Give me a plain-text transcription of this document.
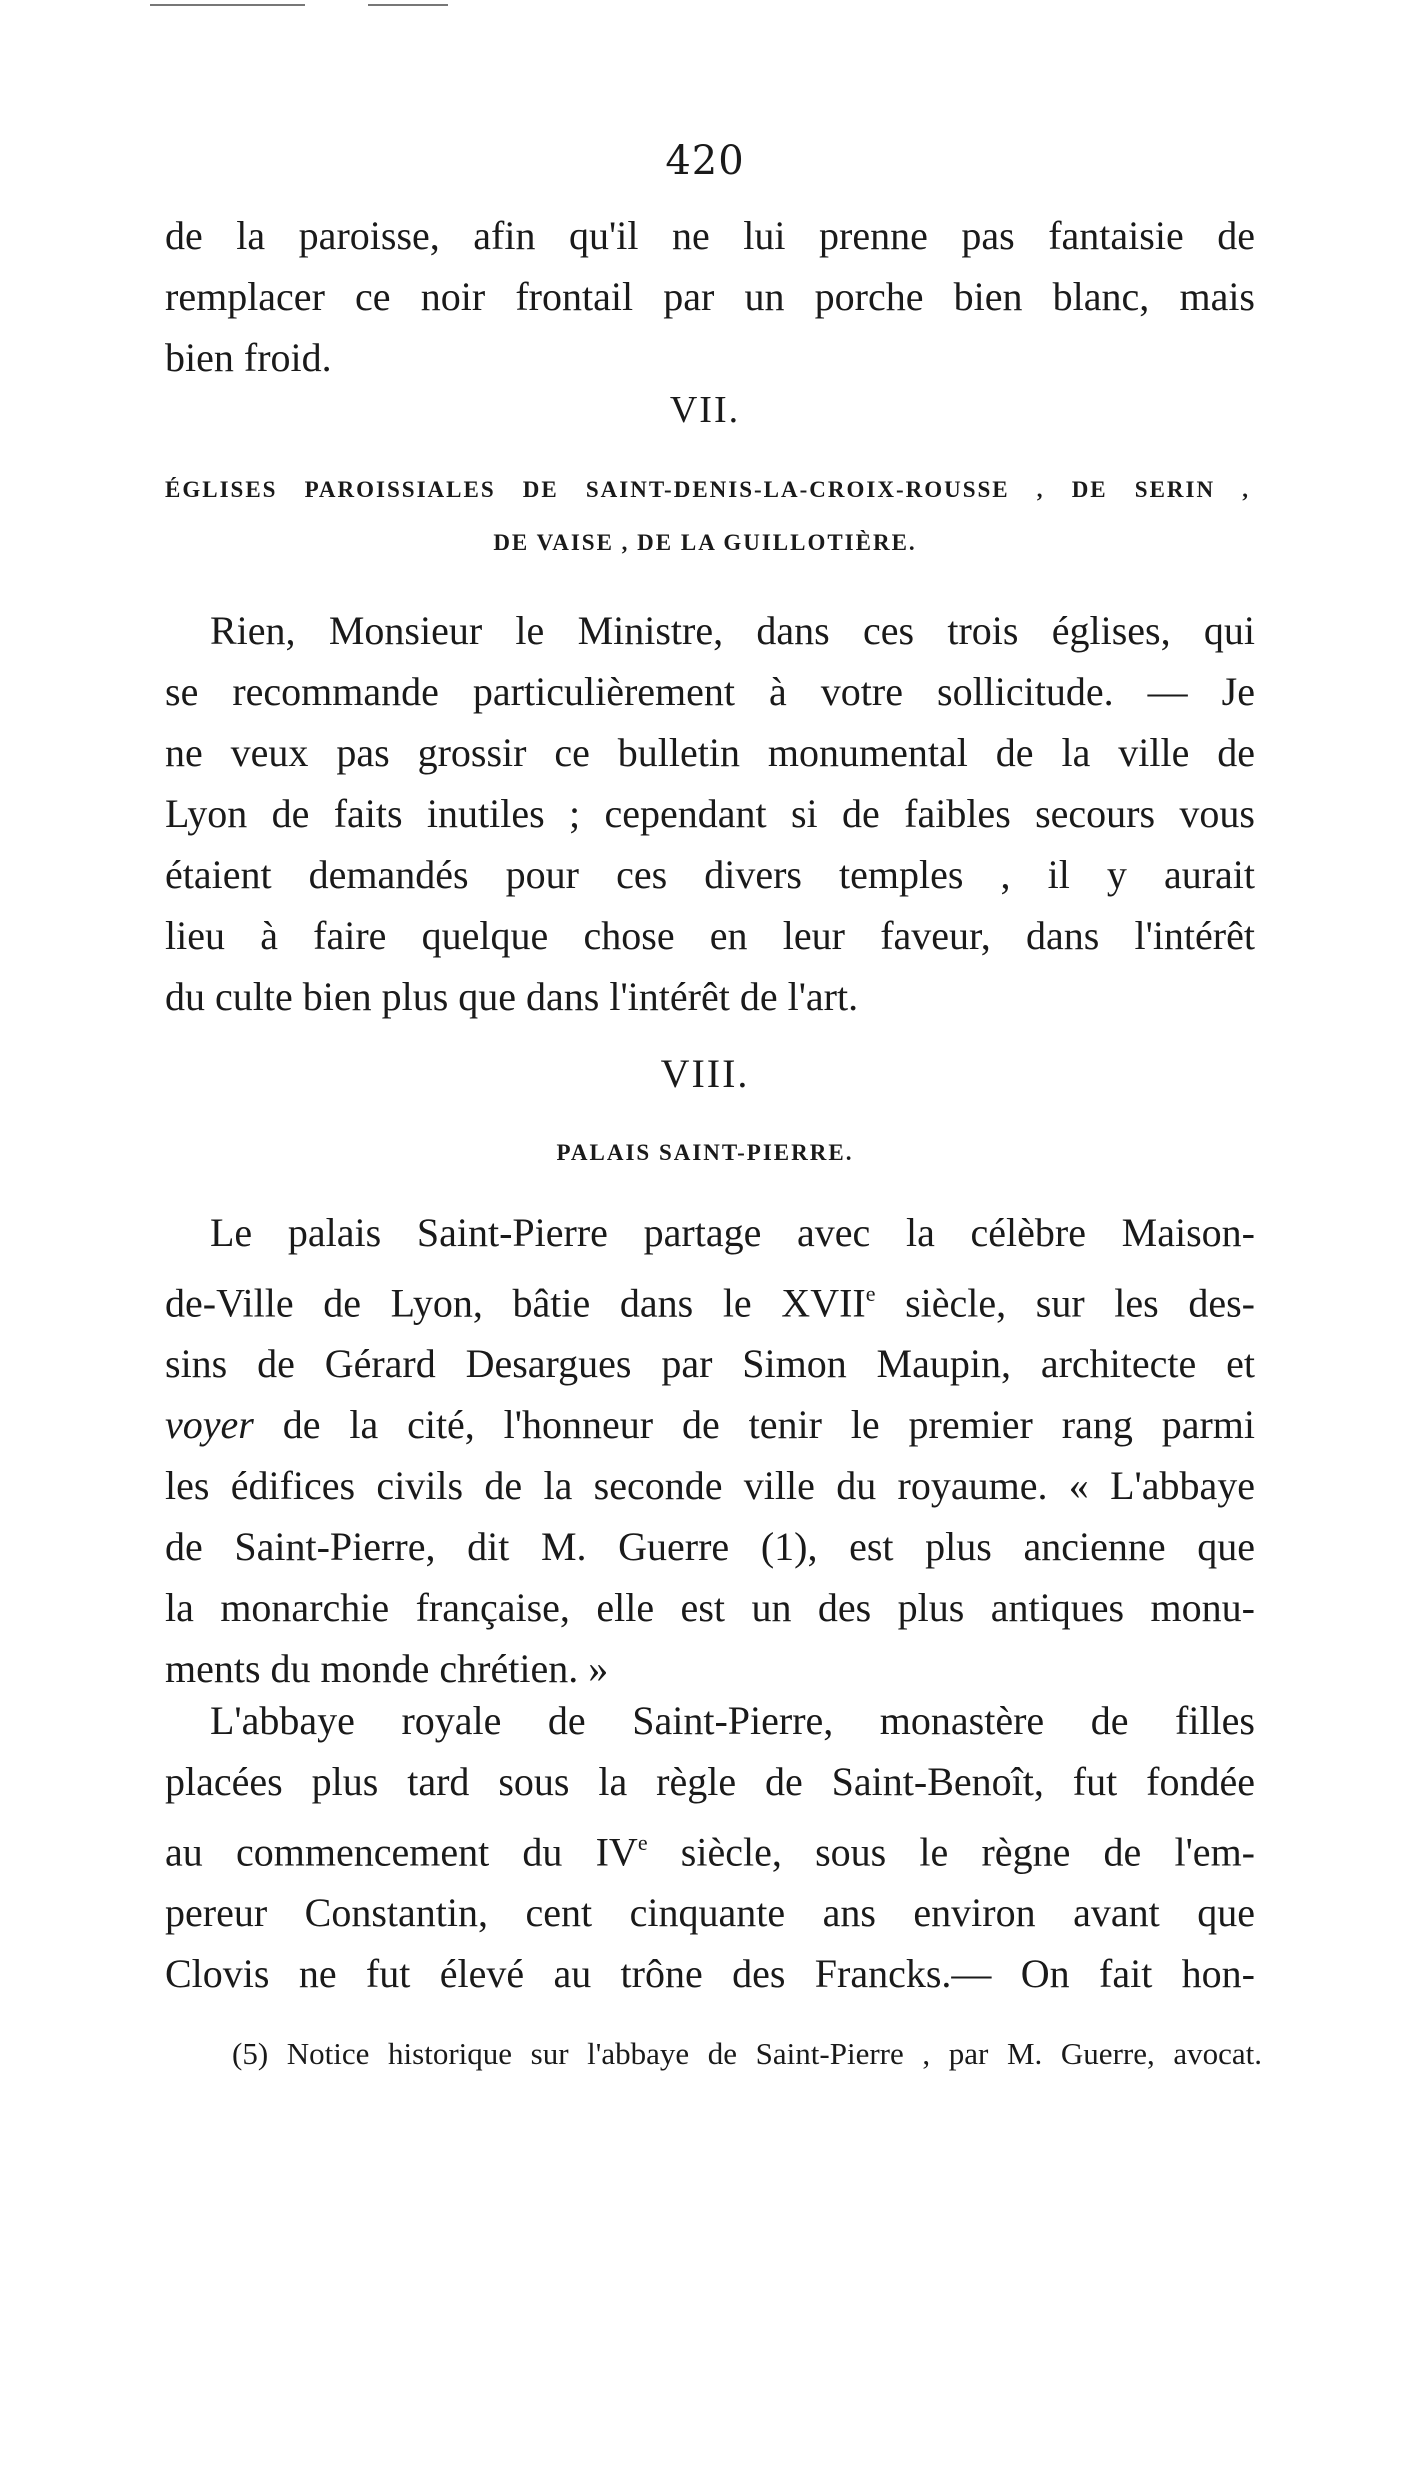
420
de la paroisse, afin qu'il ne lui prenne pas fantaisie de
remplacer ce noir frontail par un porche bien blanc, mais
bien froid.
VII.
ÉGLISES PAROISSIALES DE SAINT-DENIS-LA-CROIX-ROUSSE , DE SERIN ,
DE VAISE , DE LA GUILLOTIÈRE.
Rien, Monsieur le Ministre, dans ces trois églises, qui
se recommande particulièrement à votre sollicitude. — Je
ne veux pas grossir ce bulletin monumental de la ville de
Lyon de faits inutiles ; cependant si de faibles secours vous
étaient demandés pour ces divers temples , il y aurait
lieu à faire quelque chose en leur faveur, dans l'intérêt
du culte bien plus que dans l'intérêt de l'art.
VIII.
PALAIS SAINT-PIERRE.
Le palais Saint-Pierre partage avec la célèbre Maison-
de-Ville de Lyon, bâtie dans le XVIIe siècle, sur les des-
sins de Gérard Desargues par Simon Maupin, architecte et
voyer de la cité, l'honneur de tenir le premier rang parmi
les édifices civils de la seconde ville du royaume. « L'abbaye
de Saint-Pierre, dit M. Guerre (1), est plus ancienne que
la monarchie française, elle est un des plus antiques monu-
ments du monde chrétien. »
L'abbaye royale de Saint-Pierre, monastère de filles
placées plus tard sous la règle de Saint-Benoît, fut fondée
au commencement du IVe siècle, sous le règne de l'em-
pereur Constantin, cent cinquante ans environ avant que
Clovis ne fut élevé au trône des Francks.— On fait hon-
(5) Notice historique sur l'abbaye de Saint-Pierre , par M. Guerre, avocat.
